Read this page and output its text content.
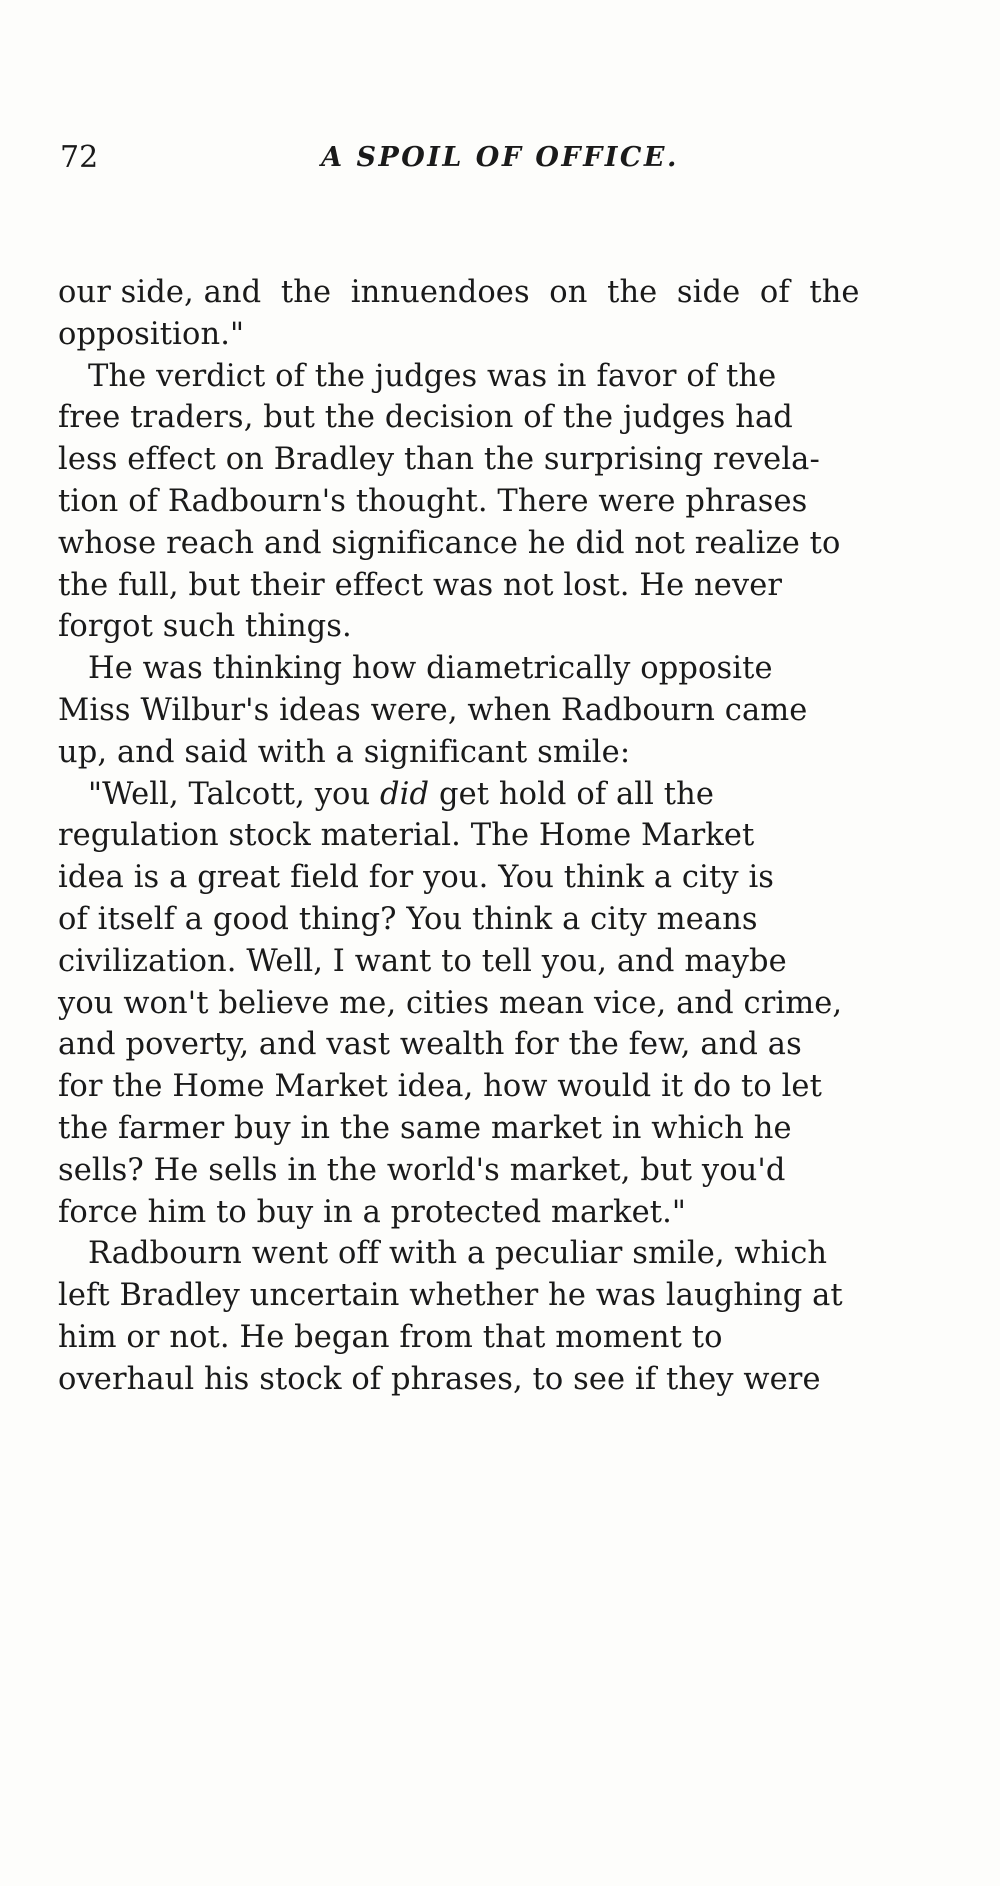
72	A SPOIL OF OFFICE.
our side, and  the  innuendoes  on  the  side  of  the
opposition."
The verdict of the judges was in favor of the
free traders, but the decision of the judges had
less effect on Bradley than the surprising revela-
tion of Radbourn's thought. There were phrases
whose reach and significance he did not realize to
the full, but their effect was not lost. He never
forgot such things.
He was thinking how diametrically opposite
Miss Wilbur's ideas were, when Radbourn came
up, and said with a significant smile:
"Well, Talcott, you did get hold of all the
regulation stock material. The Home Market
idea is a great field for you. You think a city is
of itself a good thing? You think a city means
civilization. Well, I want to tell you, and maybe
you won't believe me, cities mean vice, and crime,
and poverty, and vast wealth for the few, and as
for the Home Market idea, how would it do to let
the farmer buy in the same market in which he
sells? He sells in the world's market, but you'd
force him to buy in a protected market."
Radbourn went off with a peculiar smile, which
left Bradley uncertain whether he was laughing at
him or not. He began from that moment to
overhaul his stock of phrases, to see if they were
